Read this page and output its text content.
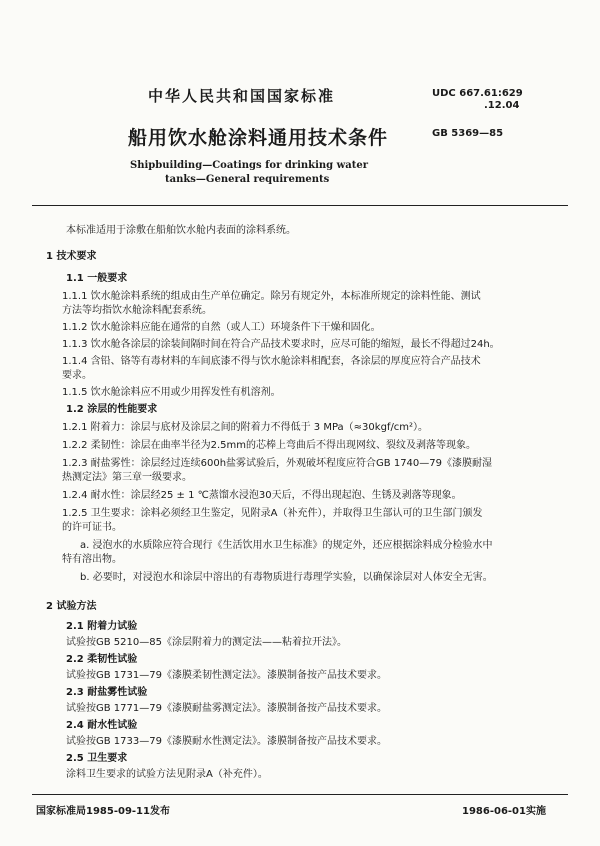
中华人民共和国国家标准
船用饮水舱涂料通用技术条件
UDC 667.61:629
.12.04
GB 5369—85
Shipbuilding—Coatings for drinking water
tanks—General requirements
本标准适用于涂敷在船舶饮水舱内表面的涂料系统。
1 技术要求
1.1 一般要求
1.1.1 饮水舱涂料系统的组成由生产单位确定。除另有规定外，本标准所规定的涂料性能、测试
方法等均指饮水舱涂料配套系统。
1.1.2 饮水舱涂料应能在通常的自然（或人工）环境条件下干燥和固化。
1.1.3 饮水舱各涂层的涂装间隔时间在符合产品技术要求时，应尽可能的缩短，最长不得超过24h。
1.1.4 含铅、铬等有毒材料的车间底漆不得与饮水舱涂料相配套，各涂层的厚度应符合产品技术
要求。
1.1.5 饮水舱涂料应不用或少用挥发性有机溶剂。
1.2 涂层的性能要求
1.2.1 附着力：涂层与底材及涂层之间的附着力不得低于 3 MPa（≈30kgf/cm²）。
1.2.2 柔韧性：涂层在曲率半径为2.5mm的芯棒上弯曲后不得出现网纹、裂纹及剥落等现象。
1.2.3 耐盐雾性：涂层经过连续600h盐雾试验后，外观破坏程度应符合GB 1740—79《漆膜耐湿
热测定法》第三章一级要求。
1.2.4 耐水性：涂层经25 ± 1 ℃蒸馏水浸泡30天后，不得出现起泡、生锈及剥落等现象。
1.2.5 卫生要求：涂料必须经卫生鉴定，见附录A（补充件），并取得卫生部认可的卫生部门颁发
的许可证书。
a. 浸泡水的水质除应符合现行《生活饮用水卫生标准》的规定外，还应根据涂料成分检验水中
特有溶出物。
b. 必要时，对浸泡水和涂层中溶出的有毒物质进行毒理学实验，以确保涂层对人体安全无害。
2 试验方法
2.1 附着力试验
试验按GB 5210—85《涂层附着力的测定法——粘着拉开法》。
2.2 柔韧性试验
试验按GB 1731—79《漆膜柔韧性测定法》。漆膜制备按产品技术要求。
2.3 耐盐雾性试验
试验按GB 1771—79《漆膜耐盐雾测定法》。漆膜制备按产品技术要求。
2.4 耐水性试验
试验按GB 1733—79《漆膜耐水性测定法》。漆膜制备按产品技术要求。
2.5 卫生要求
涂料卫生要求的试验方法见附录A（补充件）。
国家标准局1985-09-11发布	1986-06-01实施
